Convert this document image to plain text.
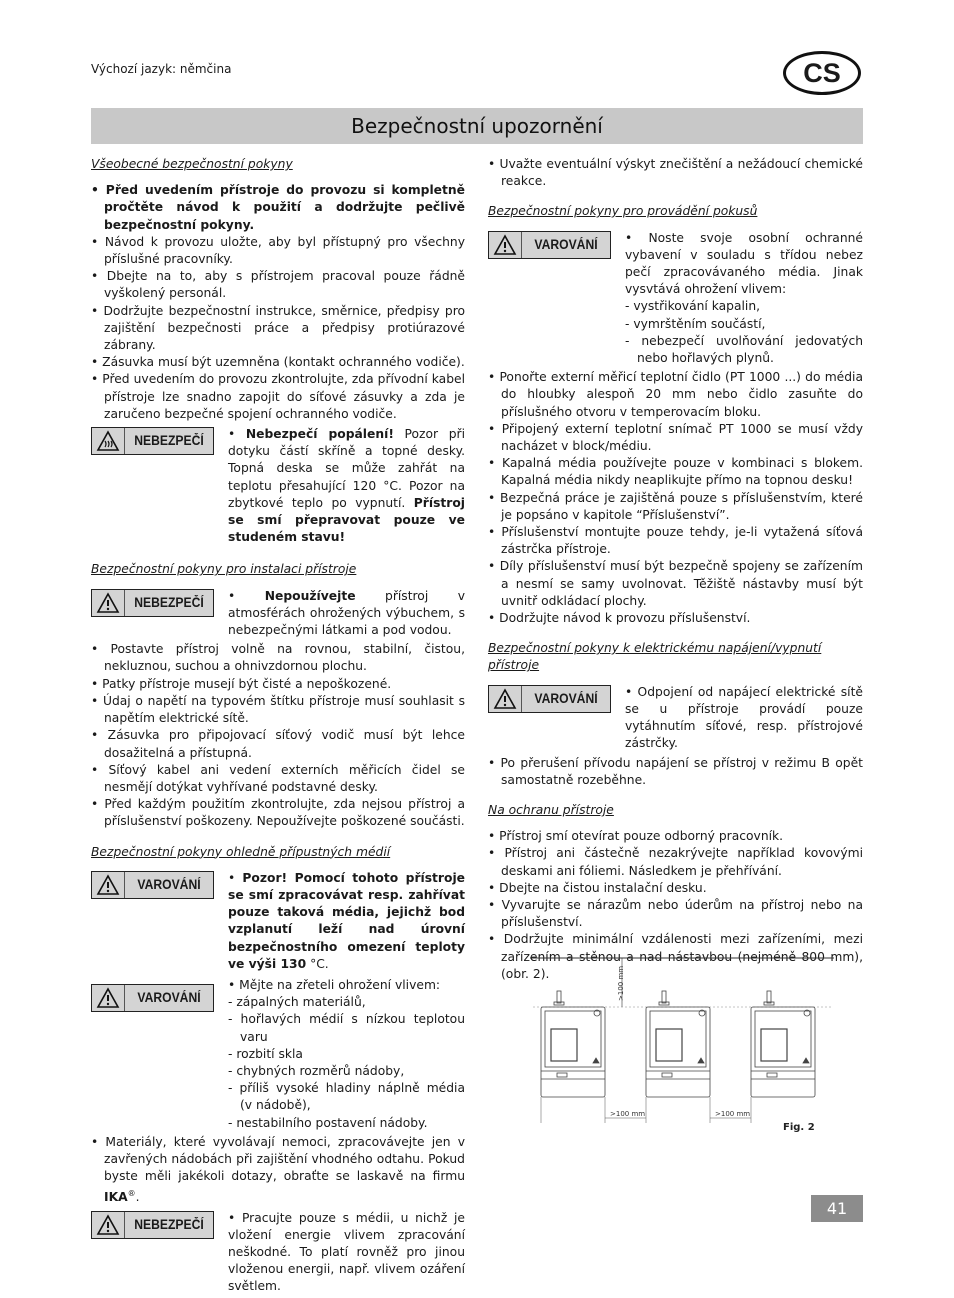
Výchozí jazyk: němčina	CS
Bezpečnostní upozornění

Všeobecné bezpečnostní pokyny

• Před uvedením přístroje do provozu si kompletně pročtěte návod k použití a dodržujte pečlivě bezpečnostní pokyny.

• Návod k provozu uložte, aby byl přístupný pro všechny příslušné pracovníky.

• Dbejte na to, aby s přístrojem pracoval pouze řádně vyškolený personál.

• Dodržujte bezpečnostní instrukce, směrnice, předpisy pro zajištění bezpečnosti práce a předpisy protiúrazové zábrany.

• Zásuvka musí být uzemněna (kontakt ochranného vodiče).

• Před uvedením do provozu zkontrolujte, zda přívodní kabel přístroje lze snadno zapojit do síťové zásuvky a zda je zaručeno bezpečné spojení ochranného vodiče.

NEBEZPEČÍ	• Nebezpečí popálení! Pozor při dotyku částí skříně a topné desky. Topná deska se může zahřát na teplotu přesahující 120 °C. Pozor na zbytkové teplo po vypnutí. Přístroj se smí přepravovat pouze ve studeném stavu!

Bezpečnostní pokyny pro instalaci přístroje

NEBEZPEČÍ	• Nepoužívejte přístroj v atmosférách ohrožených výbuchem, s nebezpečnými látkami a pod vodou.

• Postavte přístroj volně na rovnou, stabilní, čistou, nekluznou, suchou a ohnivzdornou plochu.

• Patky přístroje musejí být čisté a nepoškozené.

• Údaj o napětí na typovém štítku přístroje musí souhlasit s napětím elektrické sítě.

• Zásuvka pro připojovací síťový vodič musí být lehce dosažitelná a přístupná.

• Síťový kabel ani vedení externích měřicích čidel se nesmějí dotýkat vyhřívané podstavné desky.

• Před každým použitím zkontrolujte, zda nejsou přístroj a příslušenství poškozeny. Nepoužívejte poškozené součásti.

Bezpečnostní pokyny ohledně přípustných médií

VAROVÁNÍ	• Pozor! Pomocí tohoto přístroje se smí zpracovávat resp. zahřívat pouze taková média, jejichž bod vzplanutí leží nad úrovní bezpečnostního omezení teploty ve výši 130 °C.
VAROVÁNÍ
• Mějte na zřeteli ohrožení vlivem:
- zápalných materiálů,
- hořlavých médií s nízkou teplotou varu
- rozbití skla
- chybných rozměrů nádoby,
- příliš vysoké hladiny náplně média (v nádobě),
- nestabilního postavení nádoby.

• Materiály, které vyvolávají nemoci, zpracovávejte jen v zavřených nádobách při zajištění vhodného odtahu. Pokud byste měli jakékoli dotazy, obraťte se laskavě na firmu IKA®.

NEBEZPEČÍ	• Pracujte pouze s médii, u nichž je vložení energie vlivem zpracování neškodné. To platí rovněž pro jinou vloženou energii, např. vlivem ozáření světlem.

• Uvažte eventuální výskyt znečištění a nežádoucí chemické reakce.

Bezpečnostní pokyny pro provádění pokusů

VAROVÁNÍ	• Noste svoje osobní ochranné vybavení v souladu s třídou nebez pečí zpracovávaného média. Jinak vysvtává ohrožení vlivem:
- vystřikování kapalin,
- vymrštěním součástí,
- nebezpečí uvolňování jedovatých nebo hořlavých plynů.

• Ponořte externí měřicí teplotní čidlo (PT 1000 ...) do média do hloubky alespoň 20 mm nebo čidlo zasuňte do příslušného otvoru v temperovacím bloku.

• Připojený externí teplotní snímač PT 1000 se musí vždy nacházet v block/médiu.

• Kapalná média používejte pouze v kombinaci s blokem. Kapalná média nikdy neaplikujte přímo na topnou desku!

• Bezpečná práce je zajištěná pouze s příslušenstvím, které je popsáno v kapitole “Příslušenství”.

• Příslušenství montujte pouze tehdy, je-li vytažená síťová zástrčka přístroje.

• Díly příslušenství musí být bezpečně spojeny se zařízením a nesmí se samy uvolnovat. Těžiště nástavby musí být uvnitř odkládací plochy.

• Dodržujte návod k provozu příslušenství.

Bezpečnostní pokyny k elektrickému napájení/vypnutí přístroje

VAROVÁNÍ	• Odpojení od napájecí elektrické sítě se u přístroje provádí pouze vytáhnutím síťové, resp. přístrojové zástrčky.

• Po přerušení přívodu napájení se přístroj v režimu B opět samostatně rozeběhne.

Na ochranu přístroje

• Přístroj smí otevírat pouze odborný pracovník.

• Přístroj ani částečně nezakrývejte například kovovými deskami ani fóliemi. Následkem je přehřívání.

• Dbejte na čistou instalační desku.

• Vyvarujte se nárazům nebo úderům na přístroj nebo na příslušenství.

• Dodržujte minimální vzdálenosti mezi zařízeními, mezi zařízením a stěnou a nad nástavbou (nejméně 800 mm), (obr. 2).

>100 mm	>100 mm
>100 mm
Fig. 2
41
